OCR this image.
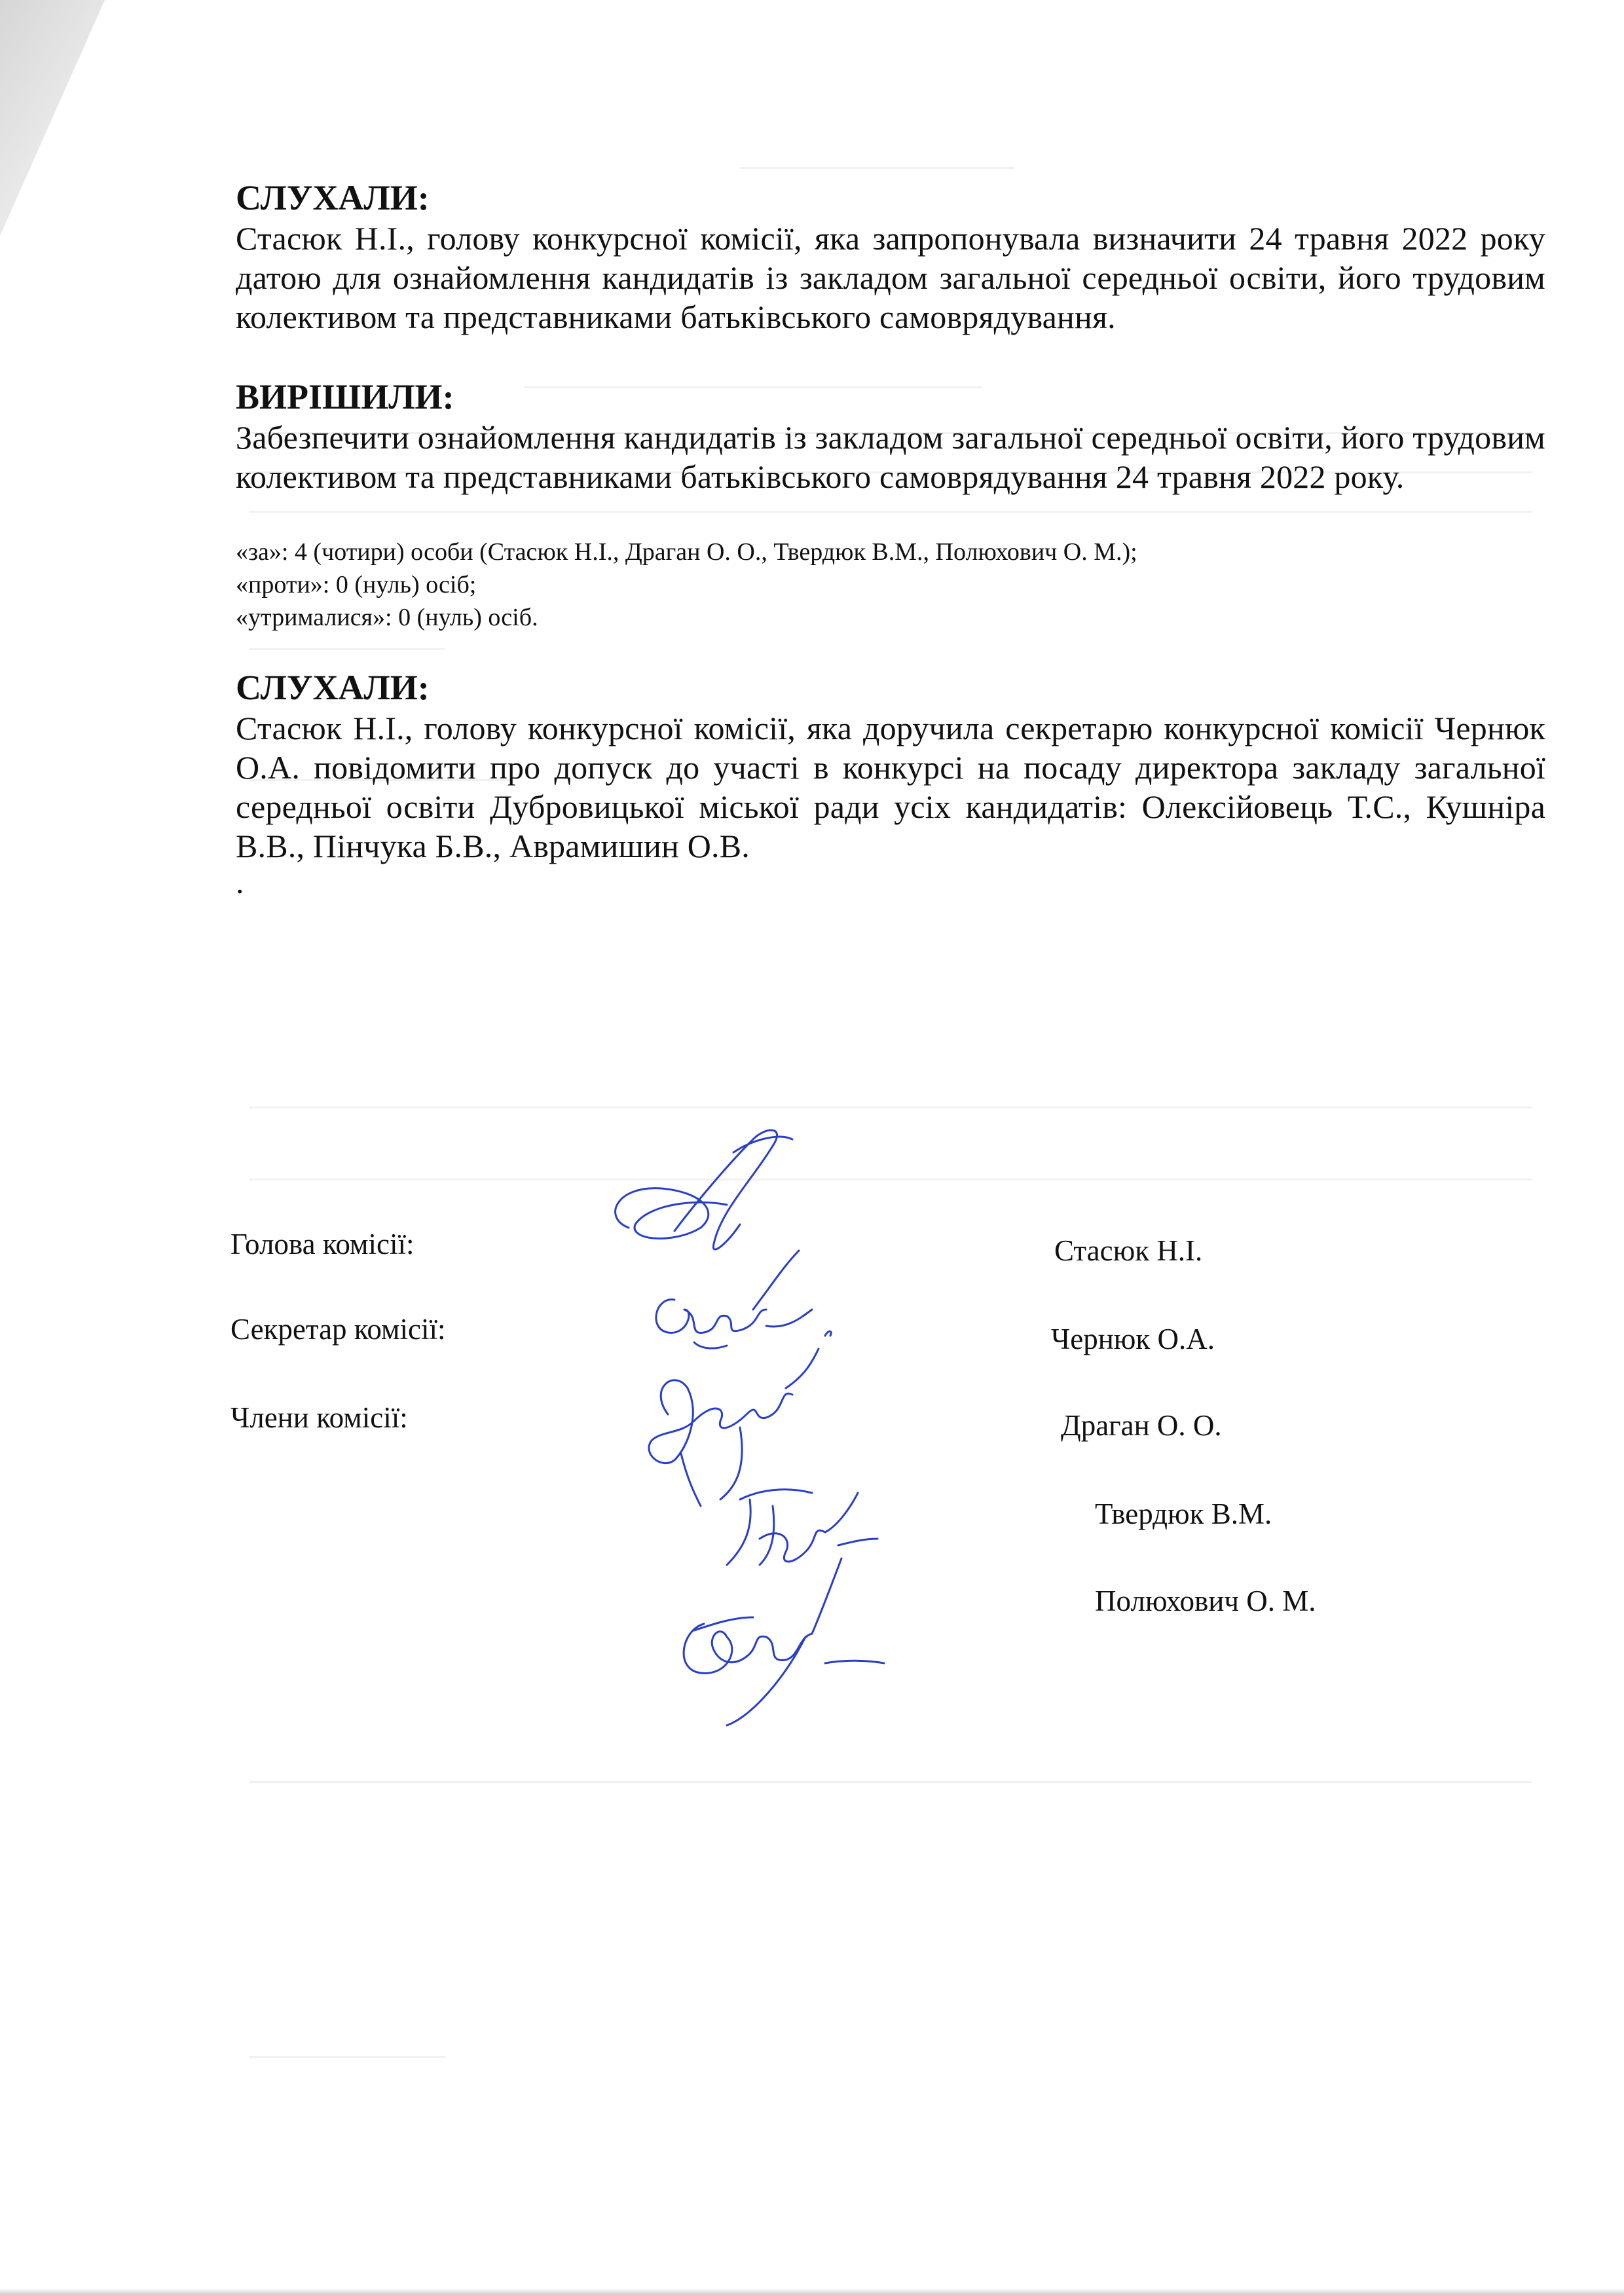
СЛУХАЛИ:

Стасюк Н.І., голову конкурсної комісії, яка запропонувала визначити 24 травня 2022 року датою для ознайомлення кандидатів із закладом загальної середньої освіти, його трудовим колективом та представниками батьківського самоврядування.

ВИРІШИЛИ:

Забезпечити ознайомлення кандидатів із закладом загальної середньої освіти, його трудовим колективом та представниками батьківського самоврядування 24 травня 2022 року.

«за»: 4 (чотири) особи (Стасюк Н.І., Драган О. О., Твердюк В.М., Полюхович О. М.);

«проти»: 0 (нуль) осіб;

«утрималися»: 0 (нуль) осіб.

СЛУХАЛИ:

Стасюк Н.І., голову конкурсної комісії, яка доручила секретарю конкурсної комісії Чернюк О.А. повідомити про допуск до участі в конкурсі на посаду директора закладу загальної середньої освіти Дубровицької міської ради усіх кандидатів: Олексійовець Т.С., Кушніра В.В., Пінчука Б.В., Аврамишин О.В.

.

Голова комісії:
Секретар комісії:
Члени комісії:
Стасюк Н.І.
Чернюк О.А.
Драган О. О.
Твердюк В.М.
Полюхович О. М.
